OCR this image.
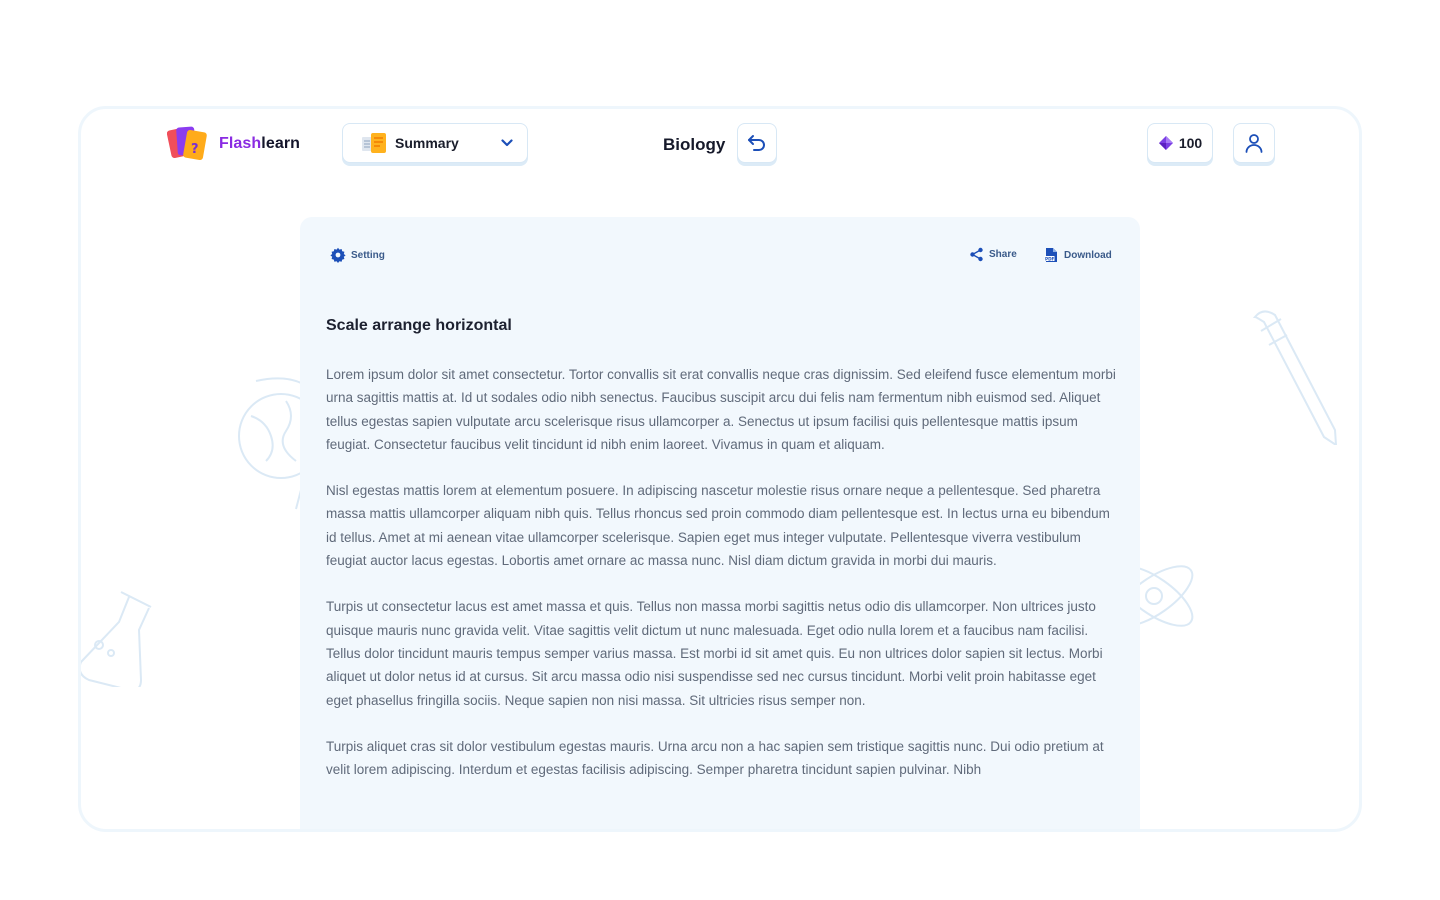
? Flashlearn	Summary	Biology	100
Setting	Share	PDF Download
Scale arrange horizontal

Lorem ipsum dolor sit amet consectetur. Tortor convallis sit erat convallis neque cras dignissim. Sed eleifend fusce elementum morbi urna sagittis mattis at. Id ut sodales odio nibh senectus. Faucibus suscipit arcu dui felis nam fermentum nibh euismod sed. Aliquet tellus egestas sapien vulputate arcu scelerisque risus ullamcorper a. Senectus ut ipsum facilisi quis pellentesque mattis ipsum feugiat. Consectetur faucibus velit tincidunt id nibh enim laoreet. Vivamus in quam et aliquam.

Nisl egestas mattis lorem at elementum posuere. In adipiscing nascetur molestie risus ornare neque a pellentesque. Sed pharetra massa mattis ullamcorper aliquam nibh quis. Tellus rhoncus sed proin commodo diam pellentesque est. In lectus urna eu bibendum id tellus. Amet at mi aenean vitae ullamcorper scelerisque. Sapien eget mus integer vulputate. Pellentesque viverra vestibulum feugiat auctor lacus egestas. Lobortis amet ornare ac massa nunc. Nisl diam dictum gravida in morbi dui mauris.

Turpis ut consectetur lacus est amet massa et quis. Tellus non massa morbi sagittis netus odio dis ullamcorper. Non ultrices justo quisque mauris nunc gravida velit. Vitae sagittis velit dictum ut nunc malesuada. Eget odio nulla lorem et a faucibus nam facilisi. Tellus dolor tincidunt mauris tempus semper varius massa. Est morbi id sit amet quis. Eu non ultrices dolor sapien sit lectus. Morbi aliquet ut dolor netus id at cursus. Sit arcu massa odio nisi suspendisse sed nec cursus tincidunt. Morbi velit proin habitasse eget eget phasellus fringilla sociis. Neque sapien non nisi massa. Sit ultricies risus semper non.

Turpis aliquet cras sit dolor vestibulum egestas mauris. Urna arcu non a hac sapien sem tristique sagittis nunc. Dui odio pretium at velit lorem adipiscing. Interdum et egestas facilisis adipiscing. Semper pharetra tincidunt sapien pulvinar. Nibh
